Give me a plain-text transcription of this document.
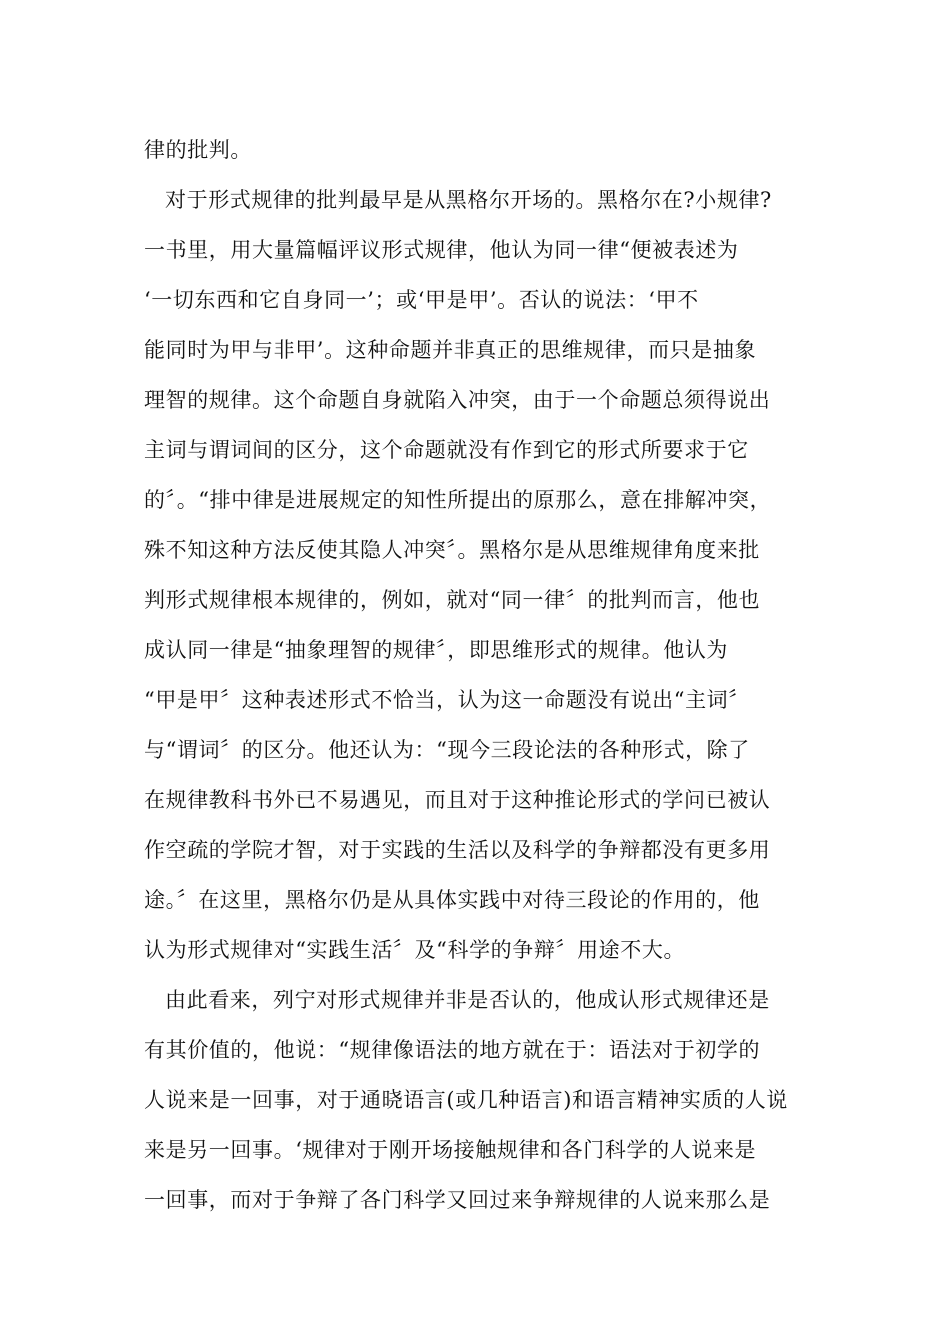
律的批判。
对于形式规律的批判最早是从黑格尔开场的。黑格尔在?小规律?
一书里，用大量篇幅评议形式规律，他认为同一律“便被表述为
‘一切东西和它自身同一’；或‘甲是甲’。否认的说法：‘甲不
能同时为甲与非甲’。这种命题并非真正的思维规律，而只是抽象
理智的规律。这个命题自身就陷入冲突，由于一个命题总须得说出
主词与谓词间的区分，这个命题就没有作到它的形式所要求于它
的〞。“排中律是进展规定的知性所提出的原那么，意在排解冲突，
殊不知这种方法反使其隐人冲突〞。黑格尔是从思维规律角度来批
判形式规律根本规律的，例如，就对“同一律〞的批判而言，他也
成认同一律是“抽象理智的规律〞，即思维形式的规律。他认为
“甲是甲〞这种表述形式不恰当，认为这一命题没有说出“主词〞
与“谓词〞的区分。他还认为：“现今三段论法的各种形式，除了
在规律教科书外已不易遇见，而且对于这种推论形式的学问已被认
作空疏的学院才智，对于实践的生活以及科学的争辩都没有更多用
途。〞在这里，黑格尔仍是从具体实践中对待三段论的作用的，他
认为形式规律对“实践生活〞及“科学的争辩〞用途不大。
由此看来，列宁对形式规律并非是否认的，他成认形式规律还是
有其价值的，他说：“规律像语法的地方就在于：语法对于初学的
人说来是一回事，对于通晓语言(或几种语言)和语言精神实质的人说
来是另一回事。‘规律对于刚开场接触规律和各门科学的人说来是
一回事，而对于争辩了各门科学又回过来争辩规律的人说来那么是
